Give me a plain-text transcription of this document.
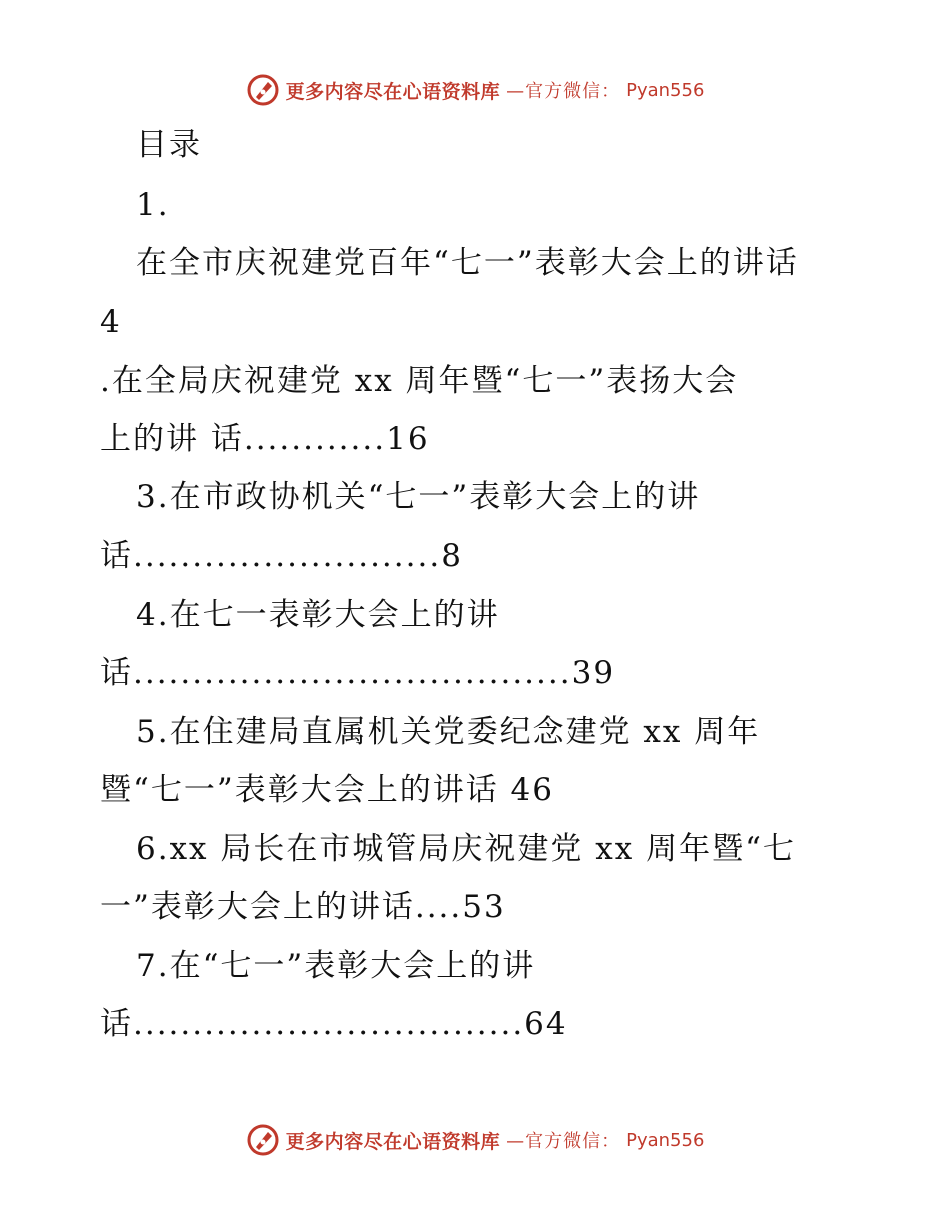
更多内容尽在心语资料库 —官方微信： Pyan556
目录
1.
在全市庆祝建党百年“七一”表彰大会上的讲话
4
.在全局庆祝建党 xx 周年暨“七一”表扬大会
上的讲 话............16
3.在市政协机关“七一”表彰大会上的讲
话..........................8
4.在七一表彰大会上的讲
话.....................................39
5.在住建局直属机关党委纪念建党 xx 周年
暨“七一”表彰大会上的讲话 46
6.xx 局长在市城管局庆祝建党 xx 周年暨“七
一”表彰大会上的讲话....53
7.在“七一”表彰大会上的讲
话.................................64
更多内容尽在心语资料库 —官方微信： Pyan556
